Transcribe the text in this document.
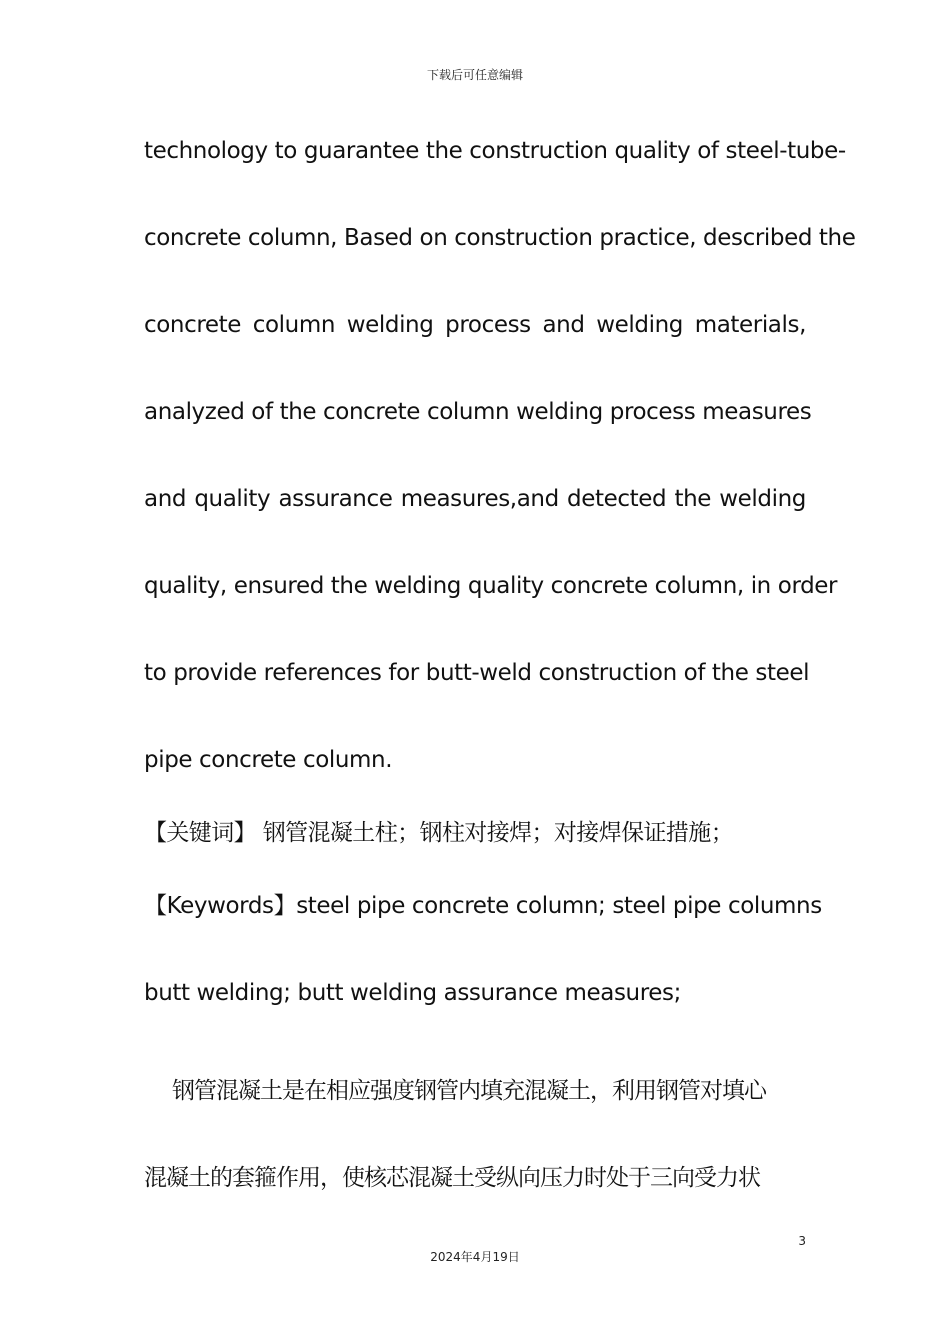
下载后可任意编辑
technology to guarantee the construction quality of steel-tube-
concrete column, Based on construction practice, described the
concrete column welding process and welding materials,
analyzed of the concrete column welding process measures
and quality assurance measures,and detected the welding
quality, ensured the welding quality concrete column, in order
to provide references for butt-weld construction of the steel
pipe concrete column.
【关键词】 钢管混凝土柱；钢柱对接焊；对接焊保证措施；
【Keywords】steel pipe concrete column; steel pipe columns
butt welding; butt welding assurance measures;
钢管混凝土是在相应强度钢管内填充混凝土，利用钢管对填心
混凝土的套箍作用，使核芯混凝土受纵向压力时处于三向受力状
3
2024年4月19日
